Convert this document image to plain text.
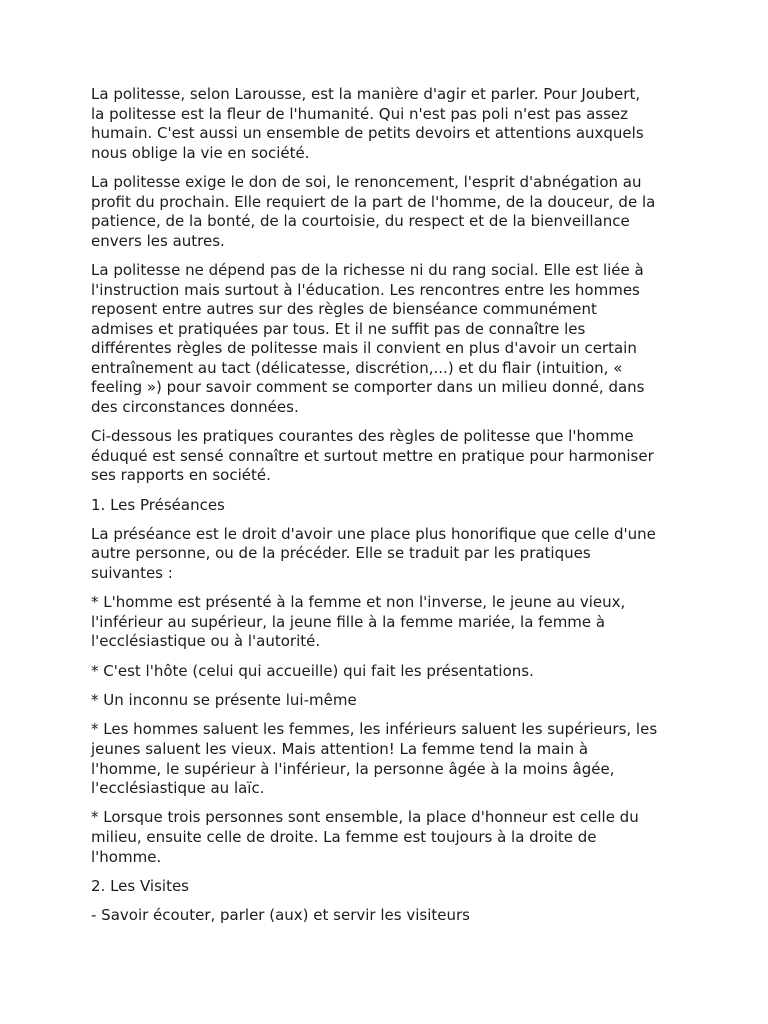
La politesse, selon Larousse, est la manière d'agir et parler. Pour Joubert,
la politesse est la fleur de l'humanité. Qui n'est pas poli n'est pas assez
humain. C'est aussi un ensemble de petits devoirs et attentions auxquels
nous oblige la vie en société.

La politesse exige le don de soi, le renoncement, l'esprit d'abnégation au
profit du prochain. Elle requiert de la part de l'homme, de la douceur, de la
patience, de la bonté, de la courtoisie, du respect et de la bienveillance
envers les autres.

La politesse ne dépend pas de la richesse ni du rang social. Elle est liée à
l'instruction mais surtout à l'éducation. Les rencontres entre les hommes
reposent entre autres sur des règles de bienséance communément
admises et pratiquées par tous. Et il ne suffit pas de connaître les
différentes règles de politesse mais il convient en plus d'avoir un certain
entraînement au tact (délicatesse, discrétion,...) et du flair (intuition, «
feeling ») pour savoir comment se comporter dans un milieu donné, dans
des circonstances données.

Ci-dessous les pratiques courantes des règles de politesse que l'homme
éduqué est sensé connaître et surtout mettre en pratique pour harmoniser
ses rapports en société.

1. Les Préséances

La préséance est le droit d'avoir une place plus honorifique que celle d'une
autre personne, ou de la précéder. Elle se traduit par les pratiques
suivantes :

* L'homme est présenté à la femme et non l'inverse, le jeune au vieux,
l'inférieur au supérieur, la jeune fille à la femme mariée, la femme à
l'ecclésiastique ou à l'autorité.

* C'est l'hôte (celui qui accueille) qui fait les présentations.

* Un inconnu se présente lui-même

* Les hommes saluent les femmes, les inférieurs saluent les supérieurs, les
jeunes saluent les vieux. Mais attention! La femme tend la main à
l'homme, le supérieur à l'inférieur, la personne âgée à la moins âgée,
l'ecclésiastique au laïc.

* Lorsque trois personnes sont ensemble, la place d'honneur est celle du
milieu, ensuite celle de droite. La femme est toujours à la droite de
l'homme.

2. Les Visites

- Savoir écouter, parler (aux) et servir les visiteurs
